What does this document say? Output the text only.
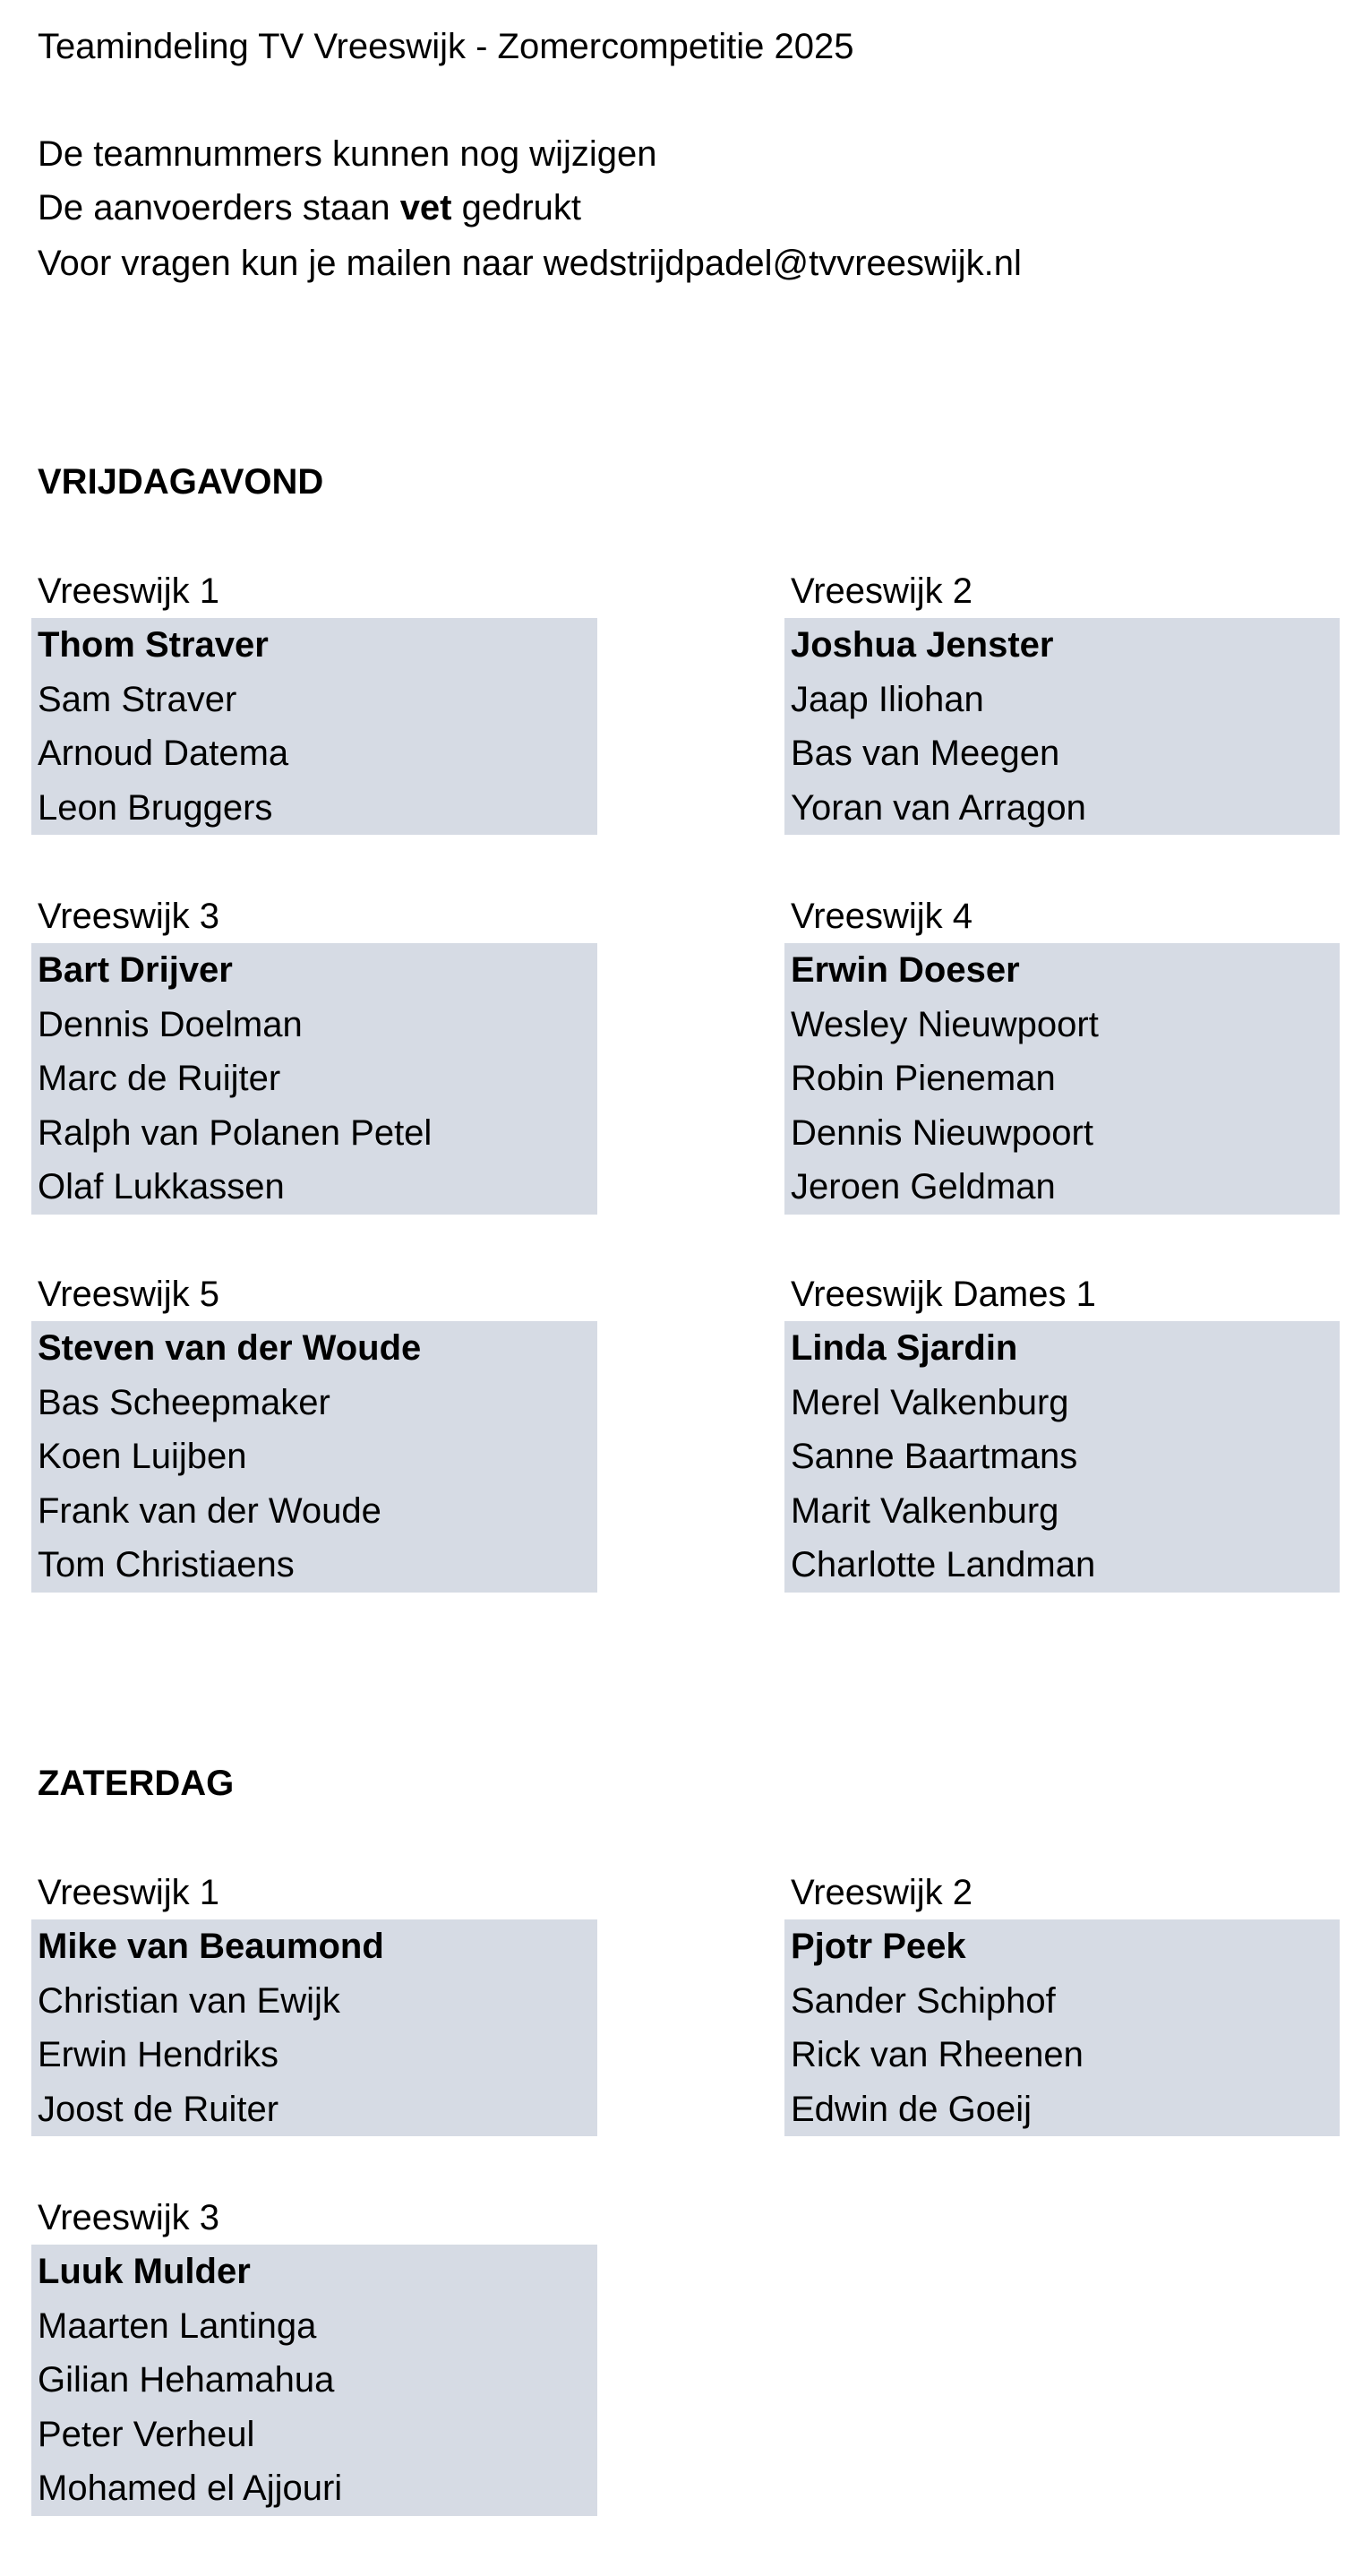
Teamindeling TV Vreeswijk - Zomercompetitie 2025
De teamnummers kunnen nog wijzigen
De aanvoerders staan vet gedrukt
Voor vragen kun je mailen naar wedstrijdpadel@tvvreeswijk.nl
VRIJDAGAVOND
Vreeswijk 1
Thom Straver
Sam Straver
Arnoud Datema
Leon Bruggers
Vreeswijk 2
Joshua Jenster
Jaap Iliohan
Bas van Meegen
Yoran van Arragon
Vreeswijk 3
Bart Drijver
Dennis Doelman
Marc de Ruijter
Ralph van Polanen Petel
Olaf Lukkassen
Vreeswijk 4
Erwin Doeser
Wesley Nieuwpoort
Robin Pieneman
Dennis Nieuwpoort
Jeroen Geldman
Vreeswijk 5
Steven van der Woude
Bas Scheepmaker
Koen Luijben
Frank van der Woude
Tom Christiaens
Vreeswijk Dames 1
Linda Sjardin
Merel Valkenburg
Sanne Baartmans
Marit Valkenburg
Charlotte Landman
ZATERDAG
Vreeswijk 1
Mike van Beaumond
Christian van Ewijk
Erwin Hendriks
Joost de Ruiter
Vreeswijk 2
Pjotr Peek
Sander Schiphof
Rick van Rheenen
Edwin de Goeij
Vreeswijk 3
Luuk Mulder
Maarten Lantinga
Gilian Hehamahua
Peter Verheul
Mohamed el Ajjouri
